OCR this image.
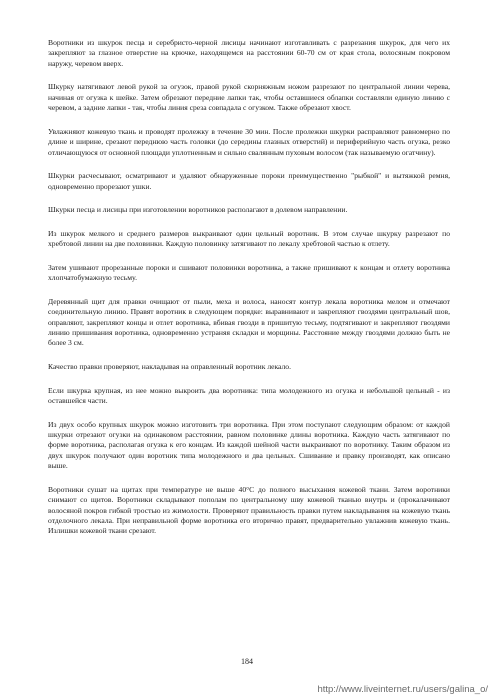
Воротники из шкурок песца и серебристо-черной лисицы начинают изготавливать с разрезания шкурок, для чего их закрепляют за глазное отверстие на крючке, находящемся на расстоянии 60-70 см от края стола, волосяным покровом наружу, черевом вверх.

Шкурку натягивают левой рукой за огузок, правой рукой скорняжным ножом разрезают по центральной линии черева, начиная от огузка к шейке. Затем обрезают передние лапки так, чтобы оставшиеся облапки составляли единую линию с черевом, а задние лапки - так, чтобы линия среза совпадала с огузком. Также обрезают хвост.

Увлажняют кожевую ткань и проводят пролежку в течение 30 мин. После пролежки шкурки расправляют равномерно по длине и ширине, срезают переднюю часть головки (до середины глазных отверстий) и периферийную часть огузка, резко отличающуюся от основной площади уплотненным и сильно свалянным пуховым волосом (так называемую огатчину).

Шкурки расчесывают, осматривают и удаляют обнаруженные пороки преимущественно "рыбкой" и вытяжкой ремня, одновременно прорезают ушки.

Шкурки песца и лисицы при изготовлении воротников располагают в долевом направлении.

Из шкурок мелкого и среднего размеров выкраивают один цельный воротник. В этом случае шкурку разрезают по хребтовой линии на две половинки. Каждую половинку затягивают по лекалу хребтовой частью к отлету.

Затем ушивают прорезанные пороки и сшивают половинки воротника, а также пришивают к концам и отлету воротника хлопчатобумажную тесьму.

Деревянный щит для правки очищают от пыли, меха и волоса, наносят контур лекала воротника мелом и отмечают соединительную линию. Правят воротник в следующем порядке: выравнивают и закрепляют гвоздями центральный шов, оправляют, закрепляют концы и отлет воротника, вбивая гвозди в пришитую тесьму, подтягивают и закрепляют гвоздями линию пришивания воротника, одновременно устраняя складки и морщины. Расстояние между гвоздями должно быть не более 3 см.

Качество правки проверяют, накладывая на оправленный воротник лекало.

Если шкурка крупная, из нее можно выкроить два воротника: типа молодежного из огузка и небольшой цельный - из оставшейся части.

Из двух особо крупных шкурок можно изготовить три воротника. При этом поступают следующим образом: от каждой шкурки отрезают огузки на одинаковом расстоянии, равном половинке длины воротника. Каждую часть затягивают по форме воротника, располагая огузка к его концам. Из каждой шейной части выкраивают по воротнику. Таким образом из двух шкурок получают один воротник типа молодежного и два цельных. Сшивание и правку производят, как описано выше.

Воротники сушат на щитах при температуре не выше 40°С до полного высыхания кожевой ткани. Затем воротники снимают со щитов. Воротники складывают пополам по центральному шву кожевой тканью внутрь и (прокалачивают волосяной покров гибкой тростью из жимолости. Проверяют правильность правки путем накладывания на кожевую ткань отделочного лекала. При неправильной форме воротника его вторично правят, предварительно увлажнив кожевую ткань. Излишки кожевой ткани срезают.

184
http://www.liveinternet.ru/users/galina_o/
